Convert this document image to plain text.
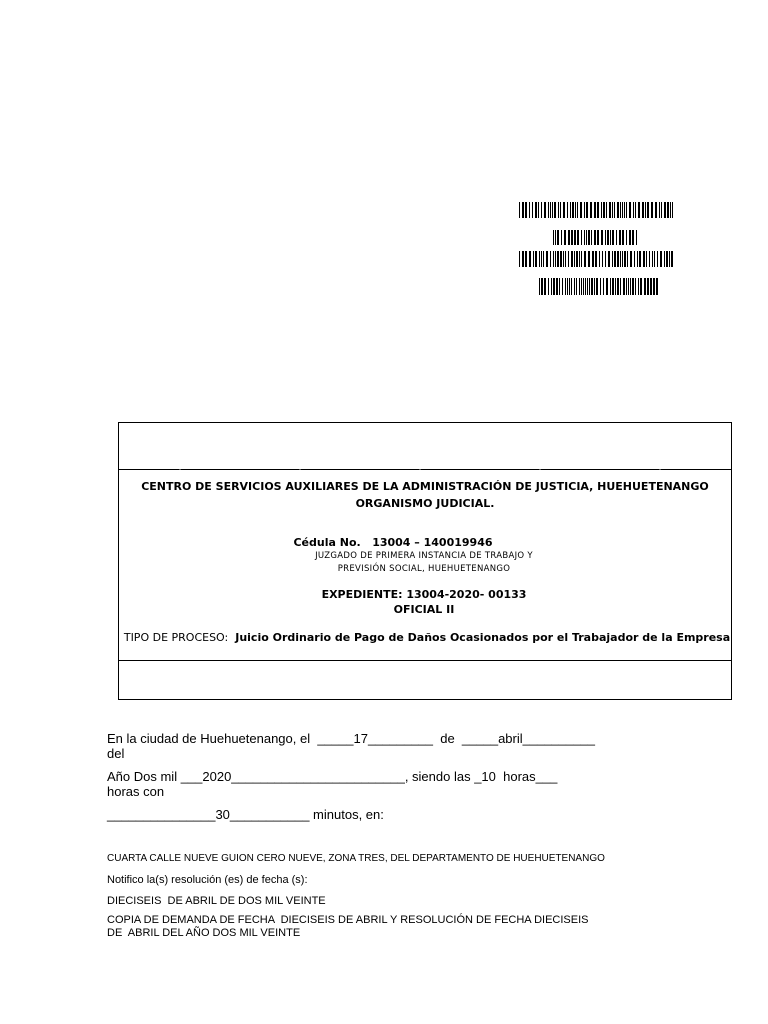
CENTRO DE SERVICIOS AUXILIARES DE LA ADMINISTRACIÓN DE JUSTICIA, HUEHUETENANGO
ORGANISMO JUDICIAL.
Cédula No. 13004 – 140019946
JUZGADO DE PRIMERA INSTANCIA DE TRABAJO Y
PREVISIÓN SOCIAL, HUEHUETENANGO
EXPEDIENTE: 13004-2020- 00133
OFICIAL II
TIPO DE PROCESO: Juicio Ordinario de Pago de Daños Ocasionados por el Trabajador de la Empresa
En la ciudad de Huehuetenango, el  _____17_________  de  _____abril__________
del
Año Dos mil ___2020________________________, siendo las _10  horas___
horas con
_______________30___________ minutos, en:
CUARTA CALLE NUEVE GUION CERO NUEVE, ZONA TRES, DEL DEPARTAMENTO DE HUEHUETENANGO
Notifico la(s) resolución (es) de fecha (s):
DIECISEIS  DE ABRIL DE DOS MIL VEINTE
COPIA DE DEMANDA DE FECHA  DIECISEIS DE ABRIL Y RESOLUCIÓN DE FECHA DIECISEIS
DE  ABRIL DEL AÑO DOS MIL VEINTE
